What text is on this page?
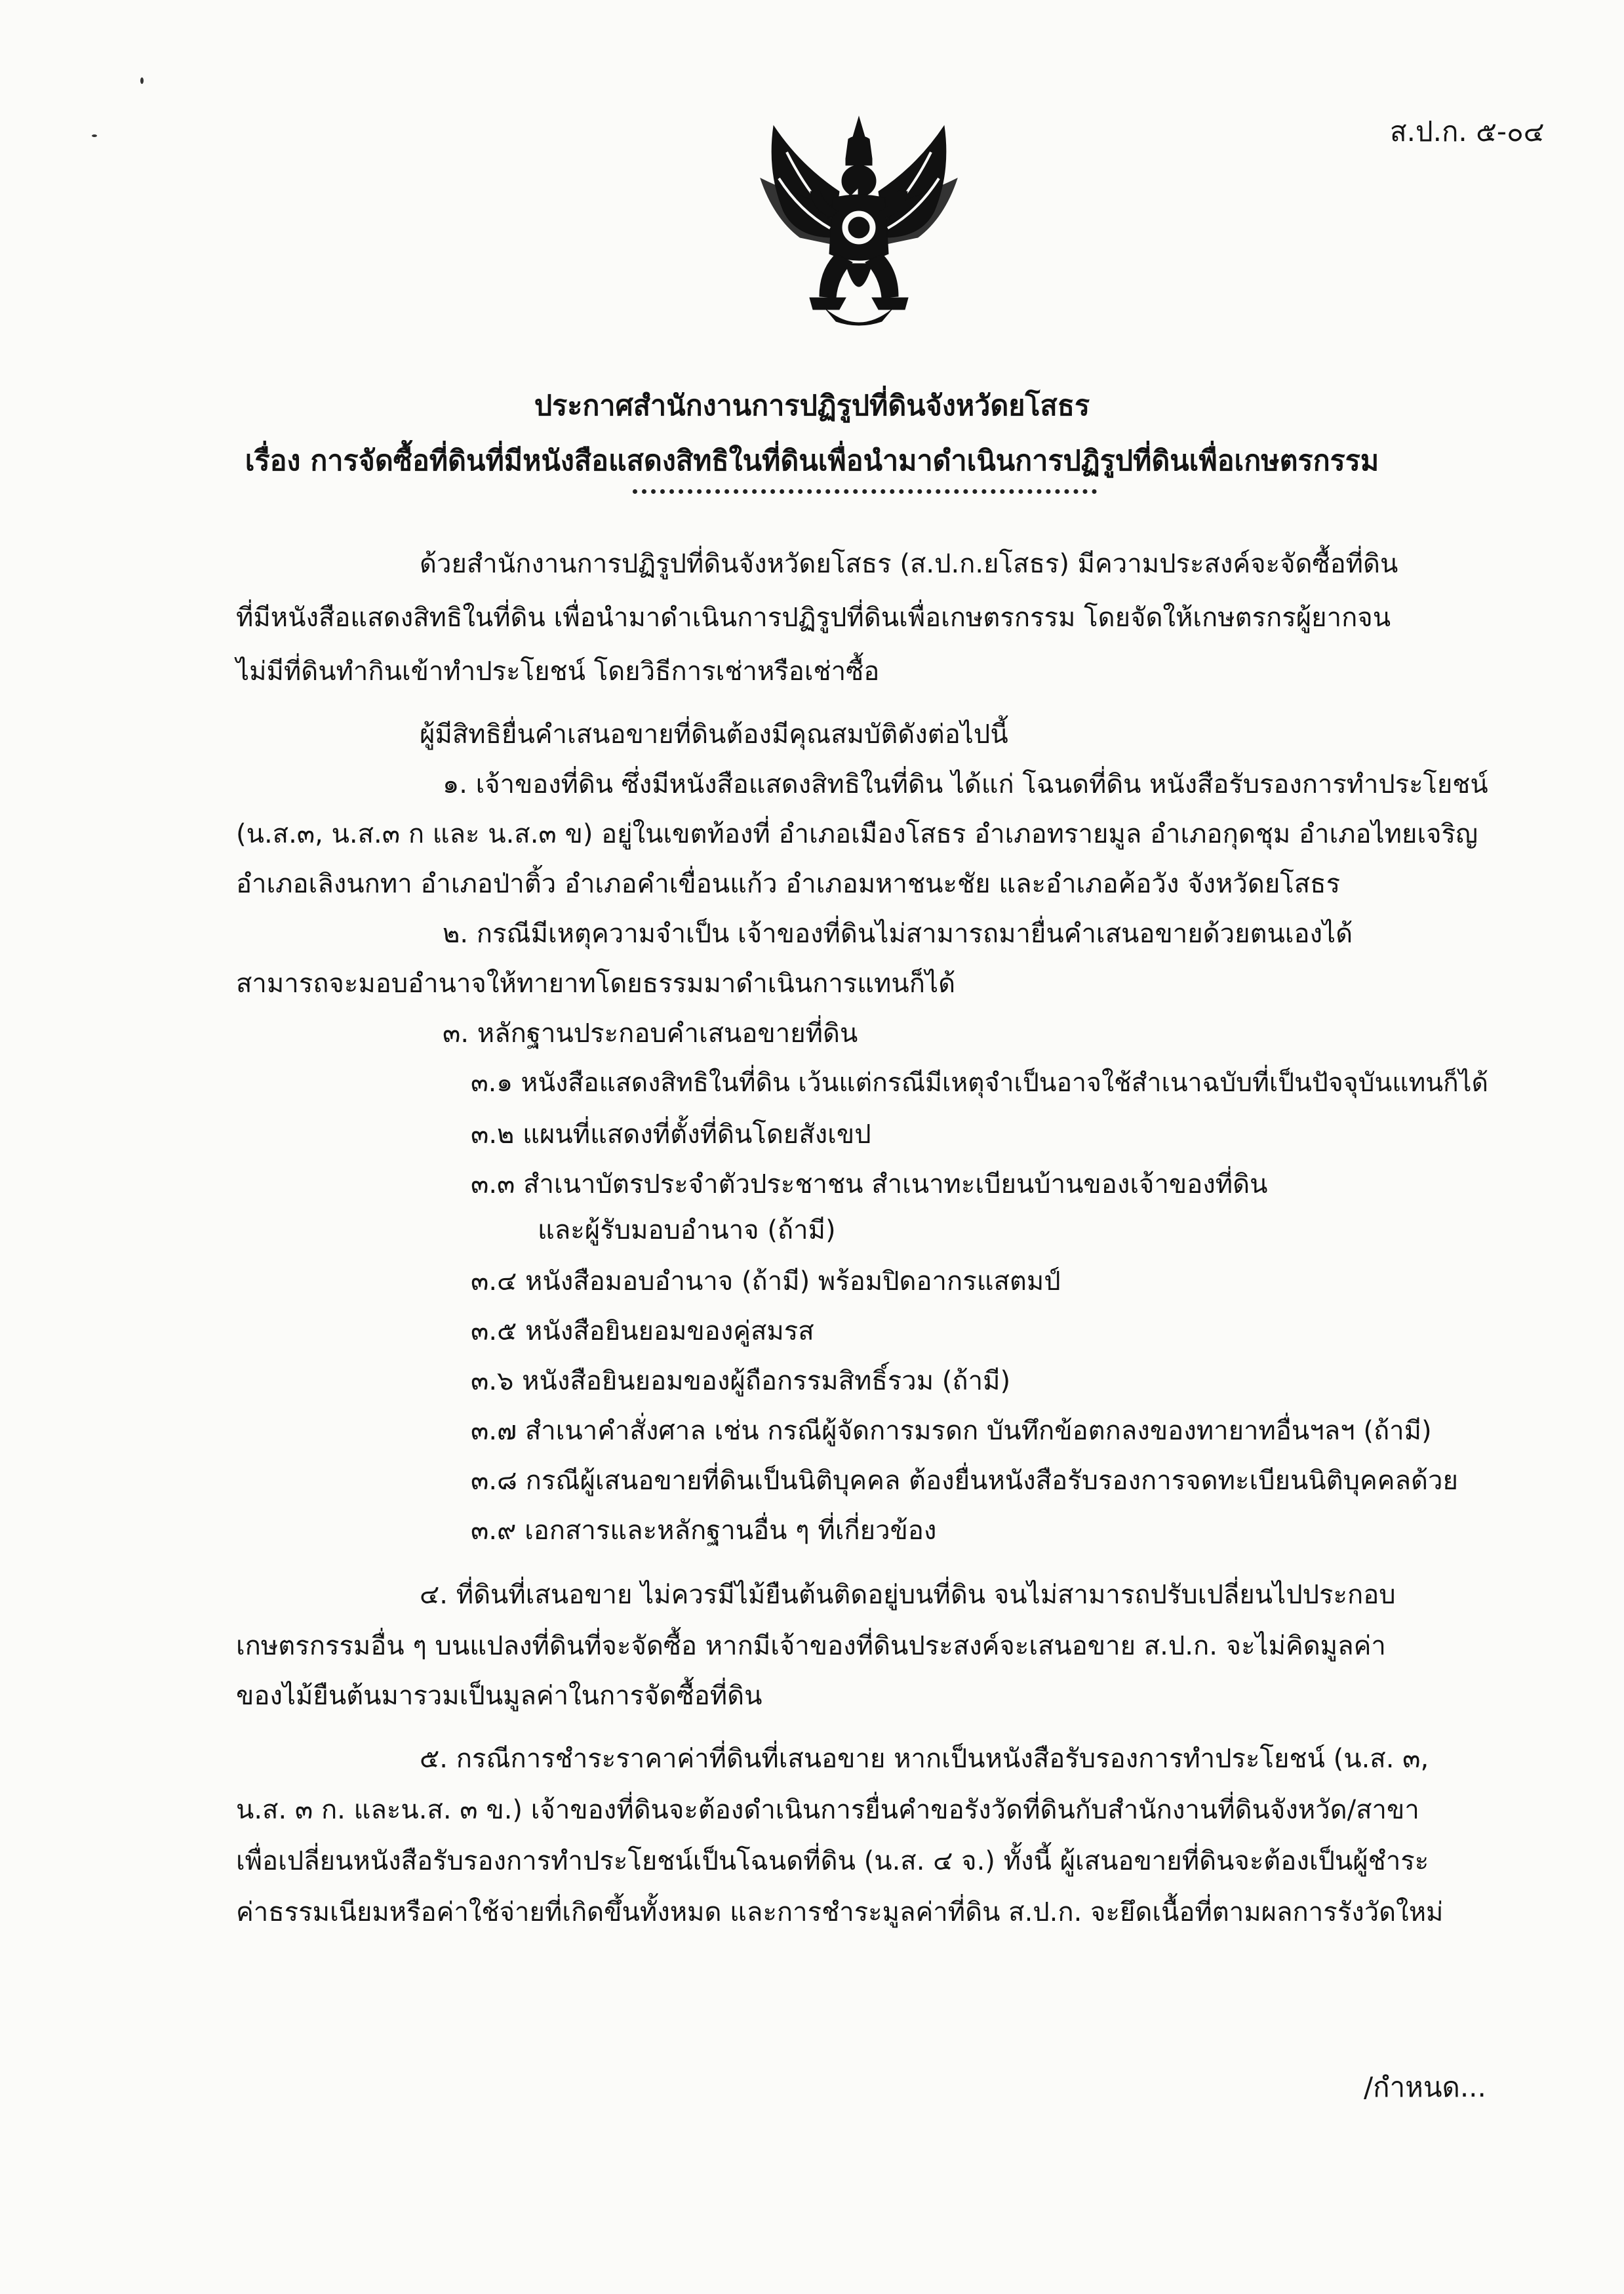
ส.ป.ก. ๕-๐๔
ประกาศสำนักงานการปฏิรูปที่ดินจังหวัดยโสธร
เรื่อง การจัดซื้อที่ดินที่มีหนังสือแสดงสิทธิในที่ดินเพื่อนำมาดำเนินการปฏิรูปที่ดินเพื่อเกษตรกรรม
ด้วยสำนักงานการปฏิรูปที่ดินจังหวัดยโสธร (ส.ป.ก.ยโสธร) มีความประสงค์จะจัดซื้อที่ดิน
ที่มีหนังสือแสดงสิทธิในที่ดิน เพื่อนำมาดำเนินการปฏิรูปที่ดินเพื่อเกษตรกรรม โดยจัดให้เกษตรกรผู้ยากจน
ไม่มีที่ดินทำกินเข้าทำประโยชน์ โดยวิธีการเช่าหรือเช่าซื้อ
ผู้มีสิทธิยื่นคำเสนอขายที่ดินต้องมีคุณสมบัติดังต่อไปนี้
๑. เจ้าของที่ดิน ซึ่งมีหนังสือแสดงสิทธิในที่ดิน ได้แก่ โฉนดที่ดิน หนังสือรับรองการทำประโยชน์
(น.ส.๓, น.ส.๓ ก และ น.ส.๓ ข) อยู่ในเขตท้องที่ อำเภอเมืองโสธร อำเภอทรายมูล อำเภอกุดชุม อำเภอไทยเจริญ
อำเภอเลิงนกทา อำเภอป่าติ้ว อำเภอคำเขื่อนแก้ว อำเภอมหาชนะชัย และอำเภอค้อวัง จังหวัดยโสธร
๒. กรณีมีเหตุความจำเป็น เจ้าของที่ดินไม่สามารถมายื่นคำเสนอขายด้วยตนเองได้
สามารถจะมอบอำนาจให้ทายาทโดยธรรมมาดำเนินการแทนก็ได้
๓. หลักฐานประกอบคำเสนอขายที่ดิน
๓.๑ หนังสือแสดงสิทธิในที่ดิน เว้นแต่กรณีมีเหตุจำเป็นอาจใช้สำเนาฉบับที่เป็นปัจจุบันแทนก็ได้
๓.๒ แผนที่แสดงที่ตั้งที่ดินโดยสังเขป
๓.๓ สำเนาบัตรประจำตัวประชาชน สำเนาทะเบียนบ้านของเจ้าของที่ดิน
และผู้รับมอบอำนาจ (ถ้ามี)
๓.๔ หนังสือมอบอำนาจ (ถ้ามี) พร้อมปิดอากรแสตมป์
๓.๕ หนังสือยินยอมของคู่สมรส
๓.๖ หนังสือยินยอมของผู้ถือกรรมสิทธิ์รวม (ถ้ามี)
๓.๗ สำเนาคำสั่งศาล เช่น กรณีผู้จัดการมรดก บันทึกข้อตกลงของทายาทอื่นฯลฯ (ถ้ามี)
๓.๘ กรณีผู้เสนอขายที่ดินเป็นนิติบุคคล ต้องยื่นหนังสือรับรองการจดทะเบียนนิติบุคคลด้วย
๓.๙ เอกสารและหลักฐานอื่น ๆ ที่เกี่ยวข้อง
๔. ที่ดินที่เสนอขาย ไม่ควรมีไม้ยืนต้นติดอยู่บนที่ดิน จนไม่สามารถปรับเปลี่ยนไปประกอบ
เกษตรกรรมอื่น ๆ บนแปลงที่ดินที่จะจัดซื้อ หากมีเจ้าของที่ดินประสงค์จะเสนอขาย ส.ป.ก. จะไม่คิดมูลค่า
ของไม้ยืนต้นมารวมเป็นมูลค่าในการจัดซื้อที่ดิน
๕. กรณีการชำระราคาค่าที่ดินที่เสนอขาย หากเป็นหนังสือรับรองการทำประโยชน์ (น.ส. ๓,
น.ส. ๓ ก. และน.ส. ๓ ข.) เจ้าของที่ดินจะต้องดำเนินการยื่นคำขอรังวัดที่ดินกับสำนักงานที่ดินจังหวัด/สาขา
เพื่อเปลี่ยนหนังสือรับรองการทำประโยชน์เป็นโฉนดที่ดิน (น.ส. ๔ จ.) ทั้งนี้ ผู้เสนอขายที่ดินจะต้องเป็นผู้ชำระ
ค่าธรรมเนียมหรือค่าใช้จ่ายที่เกิดขึ้นทั้งหมด และการชำระมูลค่าที่ดิน ส.ป.ก. จะยึดเนื้อที่ตามผลการรังวัดใหม่
/กำหนด...
